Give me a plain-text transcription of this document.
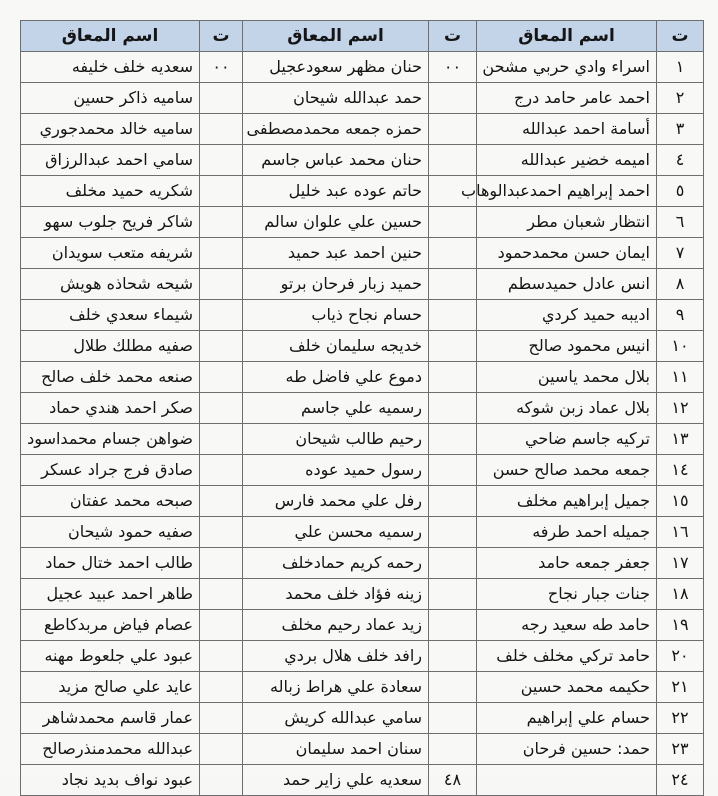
ت	اسم المعاق	ت	اسم المعاق	ت	اسم المعاق
١	اسراء وادي حربي مشحن	٠٠	حنان مظهر سعودعجيل	٠٠	سعديه خلف خليفه
٢	احمد عامر حامد درج		حمد عبدالله شيحان		ساميه ذاكر حسين
٣	أسامة احمد عبدالله		حمزه جمعه محمدمصطفى		ساميه خالد محمدجوري
٤	اميمه خضير عبدالله		حنان محمد عباس جاسم		سامي احمد عبدالرزاق
٥	احمد إبراهيم احمدعبدالوهاب		حاتم عوده عبد خليل		شكريه حميد مخلف
٦	انتظار شعبان مطر		حسين علي علوان سالم		شاكر فريح جلوب سهو
٧	ايمان حسن محمدحمود		حنين احمد عبد حميد		شريفه متعب سويدان
٨	انس عادل حميدسطم		حميد زبار فرحان برتو		شيحه شحاذه هويش
٩	اديبه حميد كردي		حسام نجاح ذياب		شيماء سعدي خلف
١٠	انيس محمود صالح		خديجه سليمان خلف		صفيه مطلك طلال
١١	بلال محمد ياسين		دموع علي فاضل طه		صنعه محمد خلف صالح
١٢	بلال عماد زبن شوكه		رسميه علي جاسم		صكر احمد هندي حماد
١٣	تركيه جاسم ضاحي		رحيم طالب شيحان		ضواهن جسام محمداسود
١٤	جمعه محمد صالح حسن		رسول حميد عوده		صادق فرج جراد عسكر
١٥	جميل إبراهيم مخلف		رفل علي محمد فارس		صبحه محمد عفتان
١٦	جميله احمد طرفه		رسميه محسن علي		صفيه حمود شيحان
١٧	جعفر جمعه حامد		رحمه كريم حمادخلف		طالب احمد ختال حماد
١٨	جنات جبار نجاح		زينه فؤاد خلف محمد		طاهر احمد عبيد عجيل
١٩	حامد طه سعيد رجه		زيد عماد رحيم مخلف		عصام فياض مربدكاطع
٢٠	حامد تركي مخلف خلف		رافد خلف هلال بردي		عبود علي جلعوط مهنه
٢١	حكيمه محمد حسين		سعادة علي هراط زباله		عايد علي صالح مزيد
٢٢	حسام علي إبراهيم		سامي عبدالله كريش		عمار قاسم محمدشاهر
٢٣	حمد: حسين فرحان		سنان احمد سليمان		عبدالله محمدمنذرصالح
٢٤		٤٨	سعديه علي زاير حمد		عبود نواف بديد نجاد
